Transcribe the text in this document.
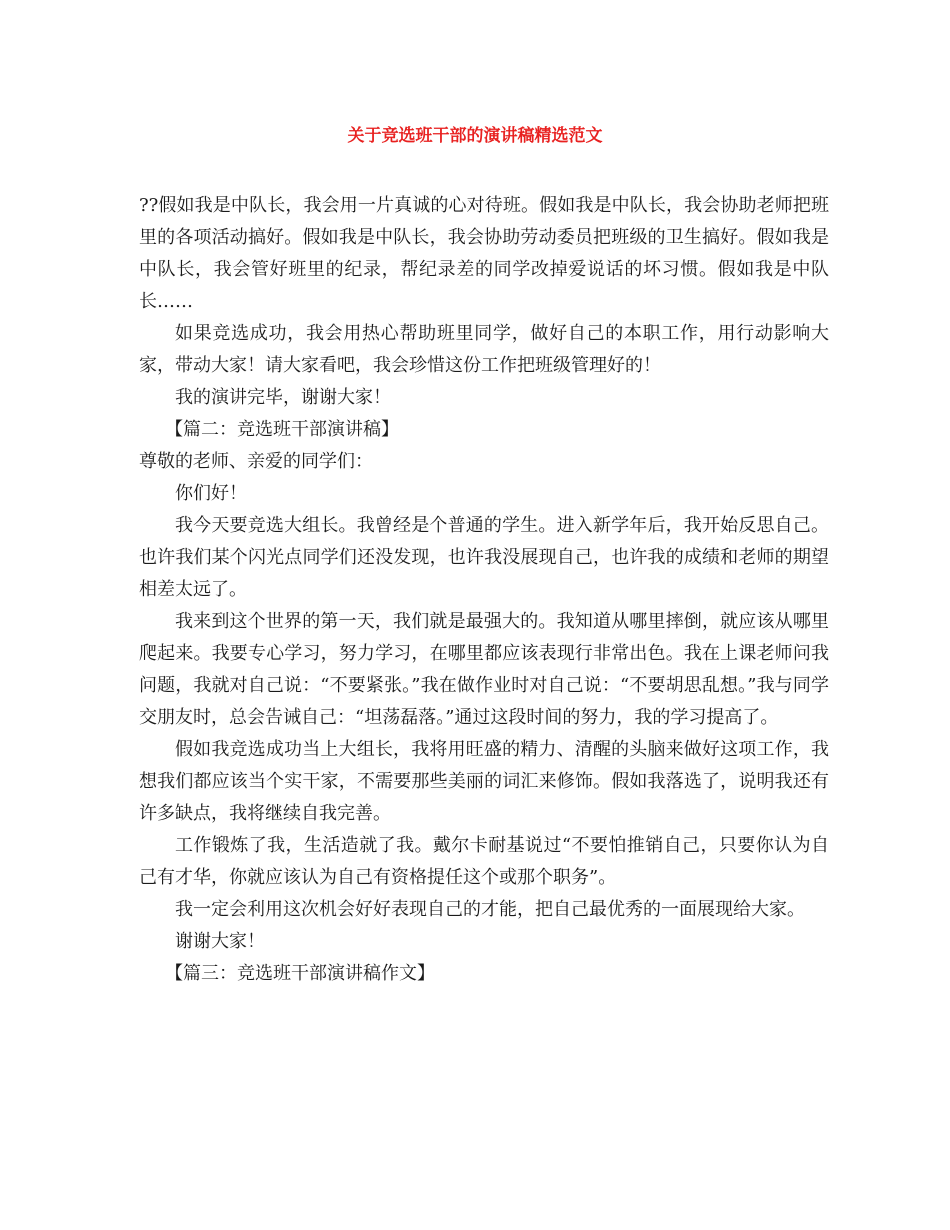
关于竞选班干部的演讲稿精选范文

??假如我是中队长，我会用一片真诚的心对待班。假如我是中队长，我会协助老师把班里的各项活动搞好。假如我是中队长，我会协助劳动委员把班级的卫生搞好。假如我是中队长，我会管好班里的纪录，帮纪录差的同学改掉爱说话的坏习惯。假如我是中队长……

如果竞选成功，我会用热心帮助班里同学，做好自己的本职工作，用行动影响大家，带动大家！请大家看吧，我会珍惜这份工作把班级管理好的！

我的演讲完毕，谢谢大家！

【篇二：竞选班干部演讲稿】

尊敬的老师、亲爱的同学们：

你们好！

我今天要竞选大组长。我曾经是个普通的学生。进入新学年后，我开始反思自己。也许我们某个闪光点同学们还没发现，也许我没展现自己，也许我的成绩和老师的期望相差太远了。

我来到这个世界的第一天，我们就是最强大的。我知道从哪里摔倒，就应该从哪里爬起来。我要专心学习，努力学习，在哪里都应该表现行非常出色。我在上课老师问我问题，我就对自己说：“不要紧张。”我在做作业时对自己说：“不要胡思乱想。”我与同学交朋友时，总会告诫自己：“坦荡磊落。”通过这段时间的努力，我的学习提高了。

假如我竞选成功当上大组长，我将用旺盛的精力、清醒的头脑来做好这项工作，我想我们都应该当个实干家，不需要那些美丽的词汇来修饰。假如我落选了，说明我还有许多缺点，我将继续自我完善。

工作锻炼了我，生活造就了我。戴尔卡耐基说过“不要怕推销自己，只要你认为自己有才华，你就应该认为自己有资格提任这个或那个职务”。

我一定会利用这次机会好好表现自己的才能，把自己最优秀的一面展现给大家。

谢谢大家！

【篇三：竞选班干部演讲稿作文】
